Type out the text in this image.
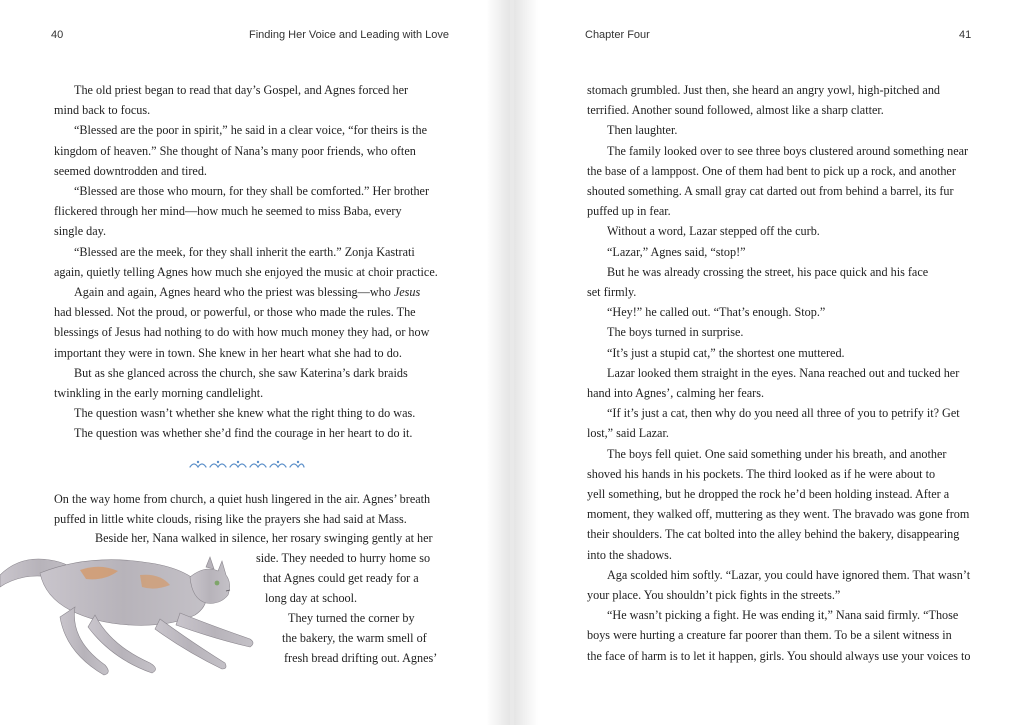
40	Finding Her Voice and Leading with Love

The old priest began to read that day’s Gospel, and Agnes forced her

mind back to focus.

“Blessed are the poor in spirit,” he said in a clear voice, “for theirs is the

kingdom of heaven.” She thought of Nana’s many poor friends, who often

seemed downtrodden and tired.

“Blessed are those who mourn, for they shall be comforted.” Her brother

flickered through her mind—how much he seemed to miss Baba, every

single day.

“Blessed are the meek, for they shall inherit the earth.” Zonja Kastrati

again, quietly telling Agnes how much she enjoyed the music at choir practice.

Again and again, Agnes heard who the priest was blessing—who Jesus

had blessed. Not the proud, or powerful, or those who made the rules. The

blessings of Jesus had nothing to do with how much money they had, or how

important they were in town. She knew in her heart what she had to do.

But as she glanced across the church, she saw Katerina’s dark braids

twinkling in the early morning candlelight.

The question wasn’t whether she knew what the right thing to do was.

The question was whether she’d find the courage in her heart to do it.

On the way home from church, a quiet hush lingered in the air. Agnes’ breath

puffed in little white clouds, rising like the prayers she had said at Mass.

Beside her, Nana walked in silence, her rosary swinging gently at her
side. They needed to hurry home so
that Agnes could get ready for a
long day at school.
They turned the corner by
the bakery, the warm smell of
fresh bread drifting out. Agnes’
Chapter Four	41

stomach grumbled. Just then, she heard an angry yowl, high-pitched and

terrified. Another sound followed, almost like a sharp clatter.

Then laughter.

The family looked over to see three boys clustered around something near

the base of a lamppost. One of them had bent to pick up a rock, and another

shouted something. A small gray cat darted out from behind a barrel, its fur

puffed up in fear.

Without a word, Lazar stepped off the curb.

“Lazar,” Agnes said, “stop!”

But he was already crossing the street, his pace quick and his face

set firmly.

“Hey!” he called out. “That’s enough. Stop.”

The boys turned in surprise.

“It’s just a stupid cat,” the shortest one muttered.

Lazar looked them straight in the eyes. Nana reached out and tucked her

hand into Agnes’, calming her fears.

“If it’s just a cat, then why do you need all three of you to petrify it? Get

lost,” said Lazar.

The boys fell quiet. One said something under his breath, and another

shoved his hands in his pockets. The third looked as if he were about to

yell something, but he dropped the rock he’d been holding instead. After a

moment, they walked off, muttering as they went. The bravado was gone from

their shoulders. The cat bolted into the alley behind the bakery, disappearing

into the shadows.

Aga scolded him softly. “Lazar, you could have ignored them. That wasn’t

your place. You shouldn’t pick fights in the streets.”

“He wasn’t picking a fight. He was ending it,” Nana said firmly. “Those

boys were hurting a creature far poorer than them. To be a silent witness in

the face of harm is to let it happen, girls. You should always use your voices to
